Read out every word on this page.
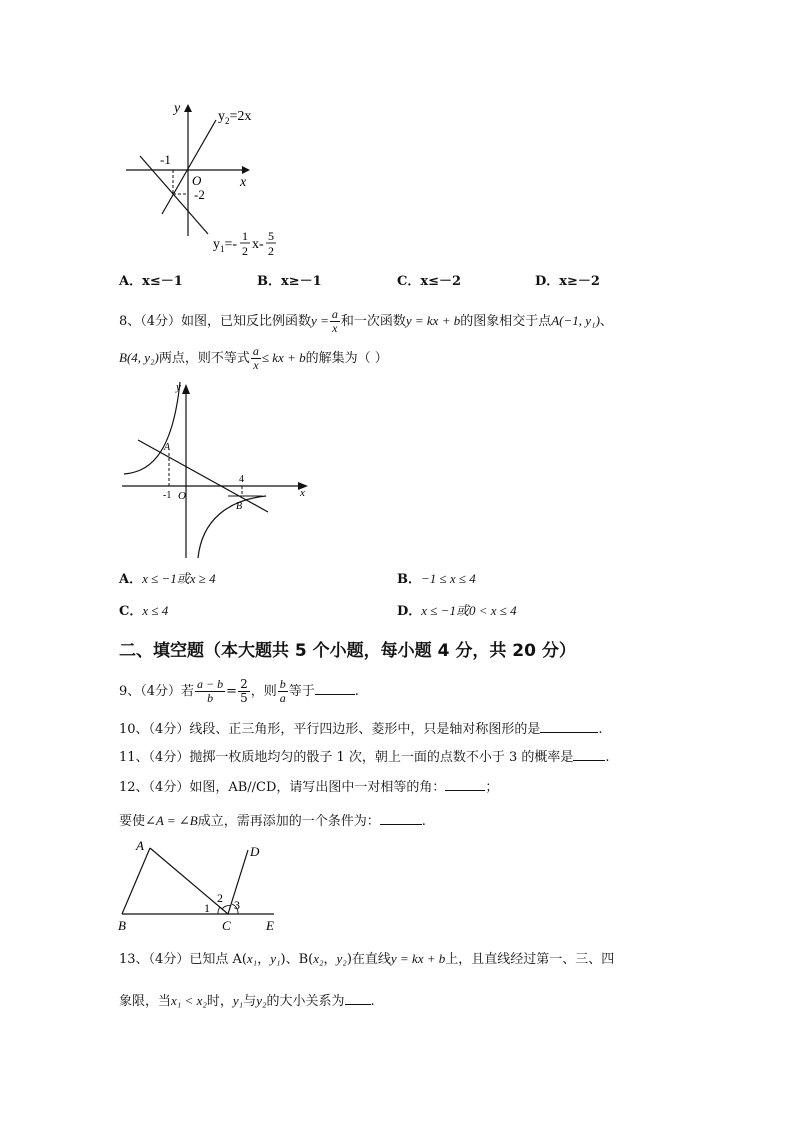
y
x
$y_2=2x$
-1
O
-2
$y_1=-$
1
2 x-
5
2
A．x≤－1	B．x≥－1	C．x≤－2	D．x≥－2
8、（4分）如图，已知反比例函数$y = \frac{a}{x}$ 和一次函数y = kx + b的图象相交于点A(−1, y₁)、
B(4, y₂)两点，则不等式 $\frac{a}{x}$ ≤ kx + b的解集为（ ）
y
x
A
B
4
-1 O
A．x ≤ −1或x ≥ 4	B．−1 ≤ x ≤ 4
C．x ≤ 4	D．x ≤ −1或0 < x ≤ 4
二、填空题（本大题共 5 个小题，每小题 4 分，共 20 分）
9、（4分）若 $\frac{a - b}{b} = \frac{2}{5}$ ，则 $\frac{b}{a}$ 等于	.
10、（4分）线段、正三角形，平行四边形、菱形中，只是轴对称图形的是	.
11、（4分）抛掷一枚质地均匀的骰子 1 次，朝上一面的点数不小于 3 的概率是 .
12、（4分）如图，AB//CD，请写出图中一对相等的角：	；
要使∠A = ∠B成立，需再添加的一个条件为：	.
A
B	C
D
E
1
2 3
13、（4分）已知点 A(x₁，y₁)、B(x₂，y₂)在直线y = kx + b上，且直线经过第一、三、四
象限，当x₁ < x₂时，y₁与y₂的大小关系为 .
